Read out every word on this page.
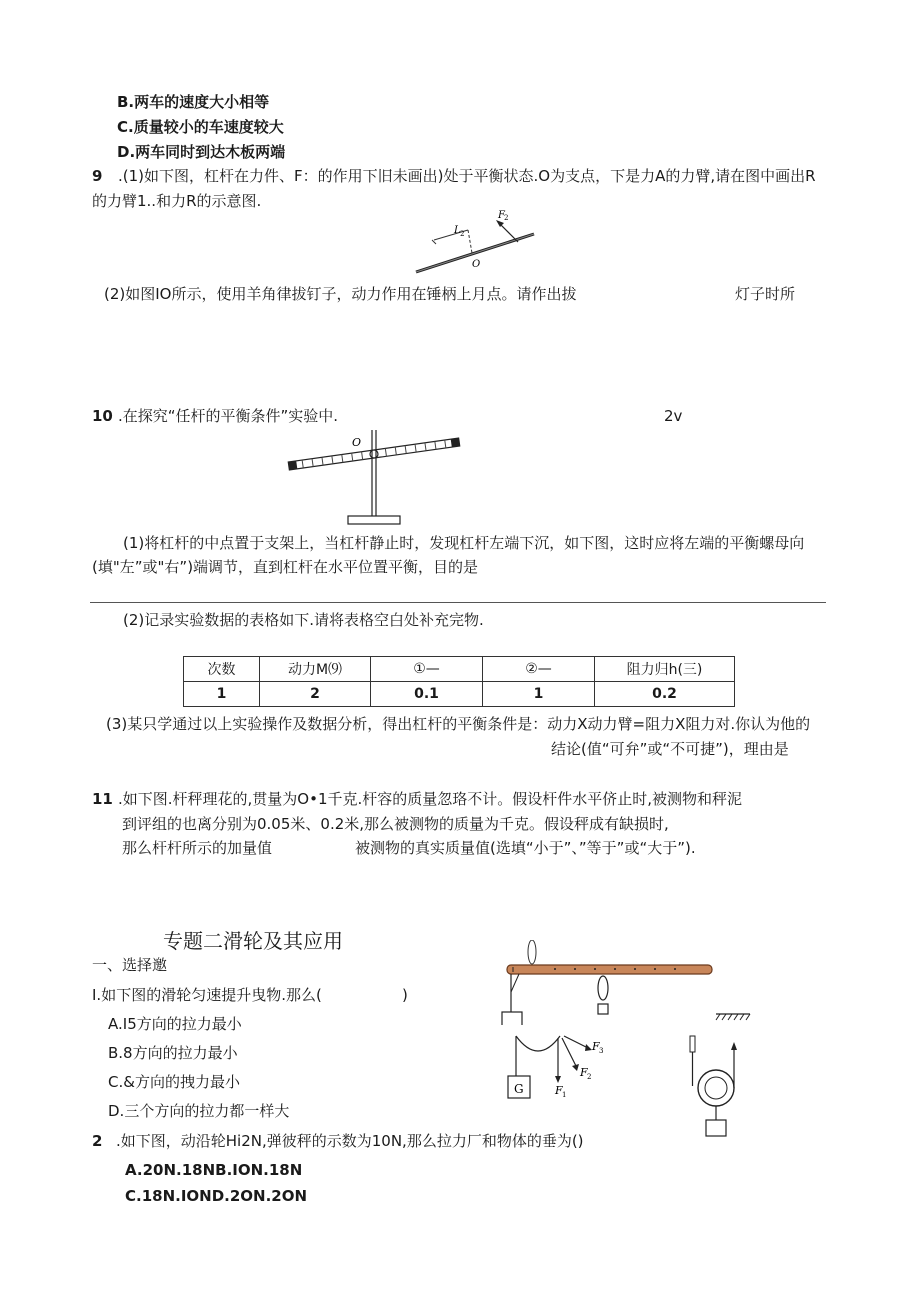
B.两车的速度大小相等
C.质量较小的车速度较大
D.两车同时到达木板两端
9 .(1)如下图，杠杆在力件、F：的作用下旧未画出)处于平衡状态.O为支点，下是力A的力臂,请在图中画出R
的力臂1..和力R的示意图.
L 2
F 2
O
(2)如图IO所示，使用羊角律拔钉子，动力作用在锤柄上月点。请作出拔	灯子时所
10 .在探究“任杆的平衡条件”实验中.	2v
O
(1)将杠杆的中点置于支架上，当杠杆静止时，发现杠杆左端下沉，如下图，这时应将左端的平衡螺母向
(填"左”或"右”)端调节，直到杠杆在水平位置平衡，目的是
(2)记录实验数据的表格如下.请将表格空白处补充完物.
次数	动力M⑼	①—	②—	阻力归h(三)
1	2	0.1	1	0.2
(3)某只学通过以上实验操作及数据分析，得出杠杆的平衡条件是：动力X动力臂=阻力X阻力对.你认为他的
结论(值“可弁”或“不可捷”)，理由是
11 .如下图.杆秤理花的,贯量为O•1千克.杆容的质量忽珞不计。假设杆件水平侪止时,被测物和秤泥
到评组的也离分别为0.05米、0.2米,那么被测物的质量为千克。假设秤成有缺损时,
那么杆杆所示的加量值	被测物的真实质量值(选填“小于”、”等于”或“大于”).
专题二滑轮及其应用
一、选择邀
I.如下图的滑轮匀速提升曳物.那么(	)
A.I5方向的拉力最小
B.8方向的拉力最小
C.&方向的拽力最小
D.三个方向的拉力都一样大
2 .如下图，动沿轮Hi2N,弹彼秤的示数为10N,那么拉力厂和物体的垂为()
A.20N.18NB.ION.18N
C.18N.IOND.2ON.2ON
G	F 1
F 2
F 3
